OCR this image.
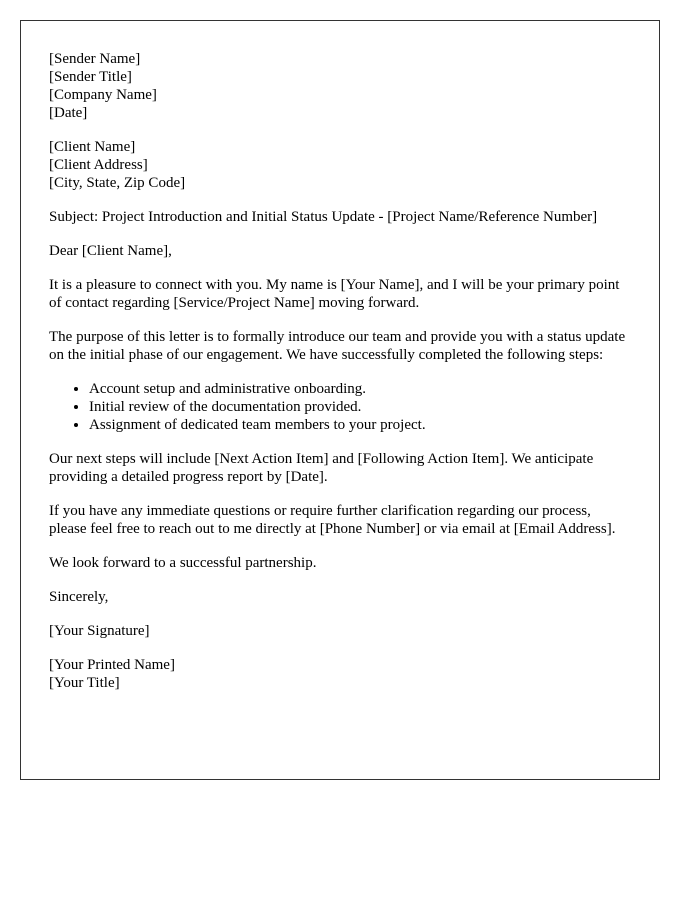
[Sender Name]
[Sender Title]
[Company Name]
[Date]
[Client Name]
[Client Address]
[City, State, Zip Code]

Subject: Project Introduction and Initial Status Update - [Project Name/Reference Number]

Dear [Client Name],

It is a pleasure to connect with you. My name is [Your Name], and I will be your primary point of contact regarding [Service/Project Name] moving forward.

The purpose of this letter is to formally introduce our team and provide you with a status update on the initial phase of our engagement. We have successfully completed the following steps:

• Account setup and administrative onboarding.
• Initial review of the documentation provided.
• Assignment of dedicated team members to your project.

Our next steps will include [Next Action Item] and [Following Action Item]. We anticipate providing a detailed progress report by [Date].

If you have any immediate questions or require further clarification regarding our process, please feel free to reach out to me directly at [Phone Number] or via email at [Email Address].

We look forward to a successful partnership.

Sincerely,

[Your Signature]

[Your Printed Name]
[Your Title]
